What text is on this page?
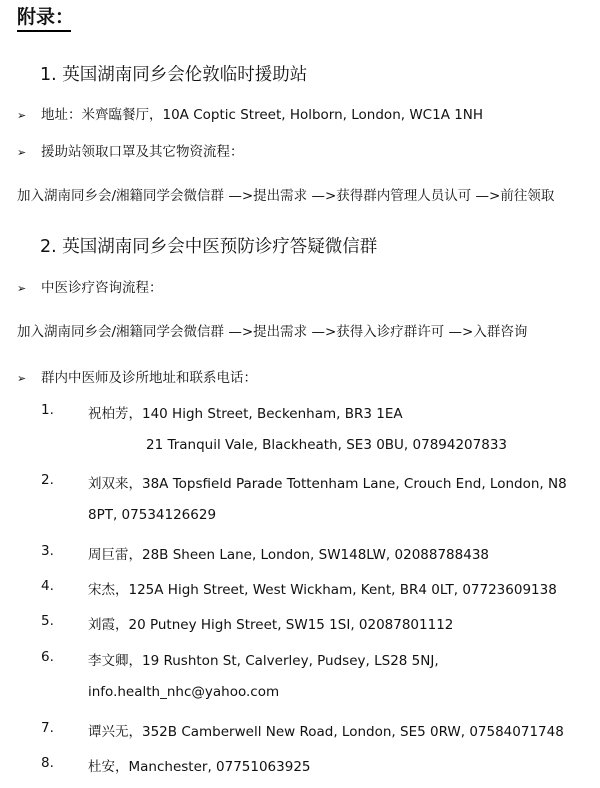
附录：
1. 英国湖南同乡会伦敦临时援助站
➢ 地址：米齊臨餐厅，10A Coptic Street, Holborn, London, WC1A 1NH
➢ 援助站领取口罩及其它物资流程：
加入湖南同乡会/湘籍同学会微信群 —>提出需求 —>获得群内管理人员认可 —>前往领取
2. 英国湖南同乡会中医预防诊疗答疑微信群
➢ 中医诊疗咨询流程：
加入湖南同乡会/湘籍同学会微信群 —>提出需求 —>获得入诊疗群许可 —>入群咨询
➢ 群内中医师及诊所地址和联系电话：
1.	祝柏芳，140 High Street, Beckenham, BR3 1EA
21 Tranquil Vale, Blackheath, SE3 0BU, 07894207833
2.	刘双来，38A Topsfield Parade Tottenham Lane, Crouch End, London, N8
8PT, 07534126629
3.	周巨雷，28B Sheen Lane, London, SW148LW, 02088788438
4.	宋杰，125A High Street, West Wickham, Kent, BR4 0LT, 07723609138
5.	刘霞，20 Putney High Street, SW15 1SI, 02087801112
6.	李文卿，19 Rushton St, Calverley, Pudsey, LS28 5NJ,
info.health_nhc@yahoo.com
7.	谭兴无，352B Camberwell New Road, London, SE5 0RW, 07584071748
8.	杜安，Manchester, 07751063925
